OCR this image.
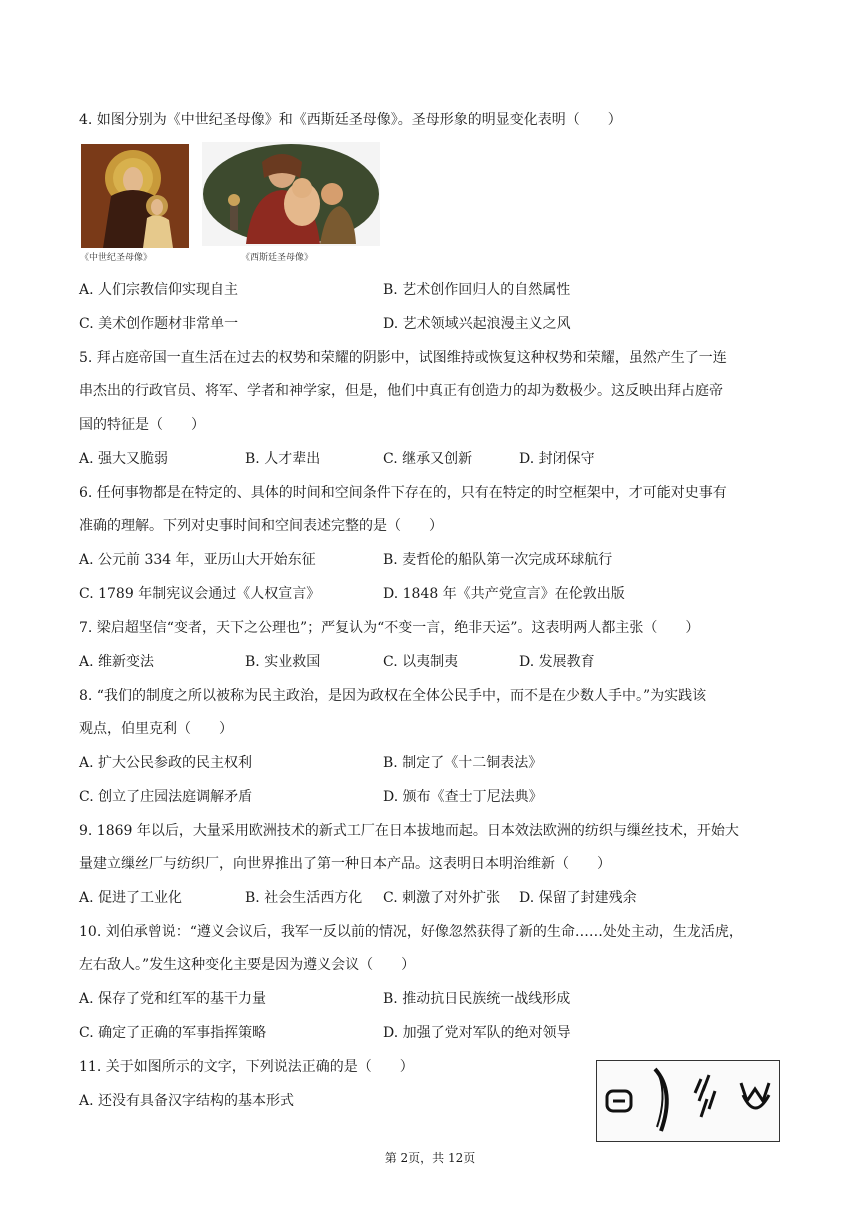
4. 如图分别为《中世纪圣母像》和《西斯廷圣母像》。圣母形象的明显变化表明（　　）
《中世纪圣母像》	《西斯廷圣母像》
A. 人们宗教信仰实现自主	B. 艺术创作回归人的自然属性
C. 美术创作题材非常单一	D. 艺术领域兴起浪漫主义之风
5. 拜占庭帝国一直生活在过去的权势和荣耀的阴影中，试图维持或恢复这种权势和荣耀，虽然产生了一连
串杰出的行政官员、将军、学者和神学家，但是，他们中真正有创造力的却为数极少。这反映出拜占庭帝
国的特征是（　　）
A. 强大又脆弱	B. 人才辈出	C. 继承又创新	D. 封闭保守
6. 任何事物都是在特定的、具体的时间和空间条件下存在的，只有在特定的时空框架中，才可能对史事有
准确的理解。下列对史事时间和空间表述完整的是（　　）
A. 公元前 334 年，亚历山大开始东征	B. 麦哲伦的船队第一次完成环球航行
C. 1789 年制宪议会通过《人权宣言》	D. 1848 年《共产党宣言》在伦敦出版
7. 梁启超坚信“变者，天下之公理也”；严复认为“不变一言，绝非天运”。这表明两人都主张（　　）
A. 维新变法	B. 实业救国	C. 以夷制夷	D. 发展教育
8. “我们的制度之所以被称为民主政治，是因为政权在全体公民手中，而不是在少数人手中。”为实践该
观点，伯里克利（　　）
A. 扩大公民参政的民主权利	B. 制定了《十二铜表法》
C. 创立了庄园法庭调解矛盾	D. 颁布《查士丁尼法典》
9. 1869 年以后，大量采用欧洲技术的新式工厂在日本拔地而起。日本效法欧洲的纺织与缫丝技术，开始大
量建立缫丝厂与纺织厂，向世界推出了第一种日本产品。这表明日本明治维新（　　）
A. 促进了工业化	B. 社会生活西方化 C. 刺激了对外扩张 D. 保留了封建残余
10. 刘伯承曾说：“遵义会议后，我军一反以前的情况，好像忽然获得了新的生命……处处主动，生龙活虎，
左右敌人。”发生这种变化主要是因为遵义会议（　　）
A. 保存了党和红军的基干力量	B. 推动抗日民族统一战线形成
C. 确定了正确的军事指挥策略	D. 加强了党对军队的绝对领导
11. 关于如图所示的文字，下列说法正确的是（　　）
A. 还没有具备汉字结构的基本形式
第 2页，共 12页
